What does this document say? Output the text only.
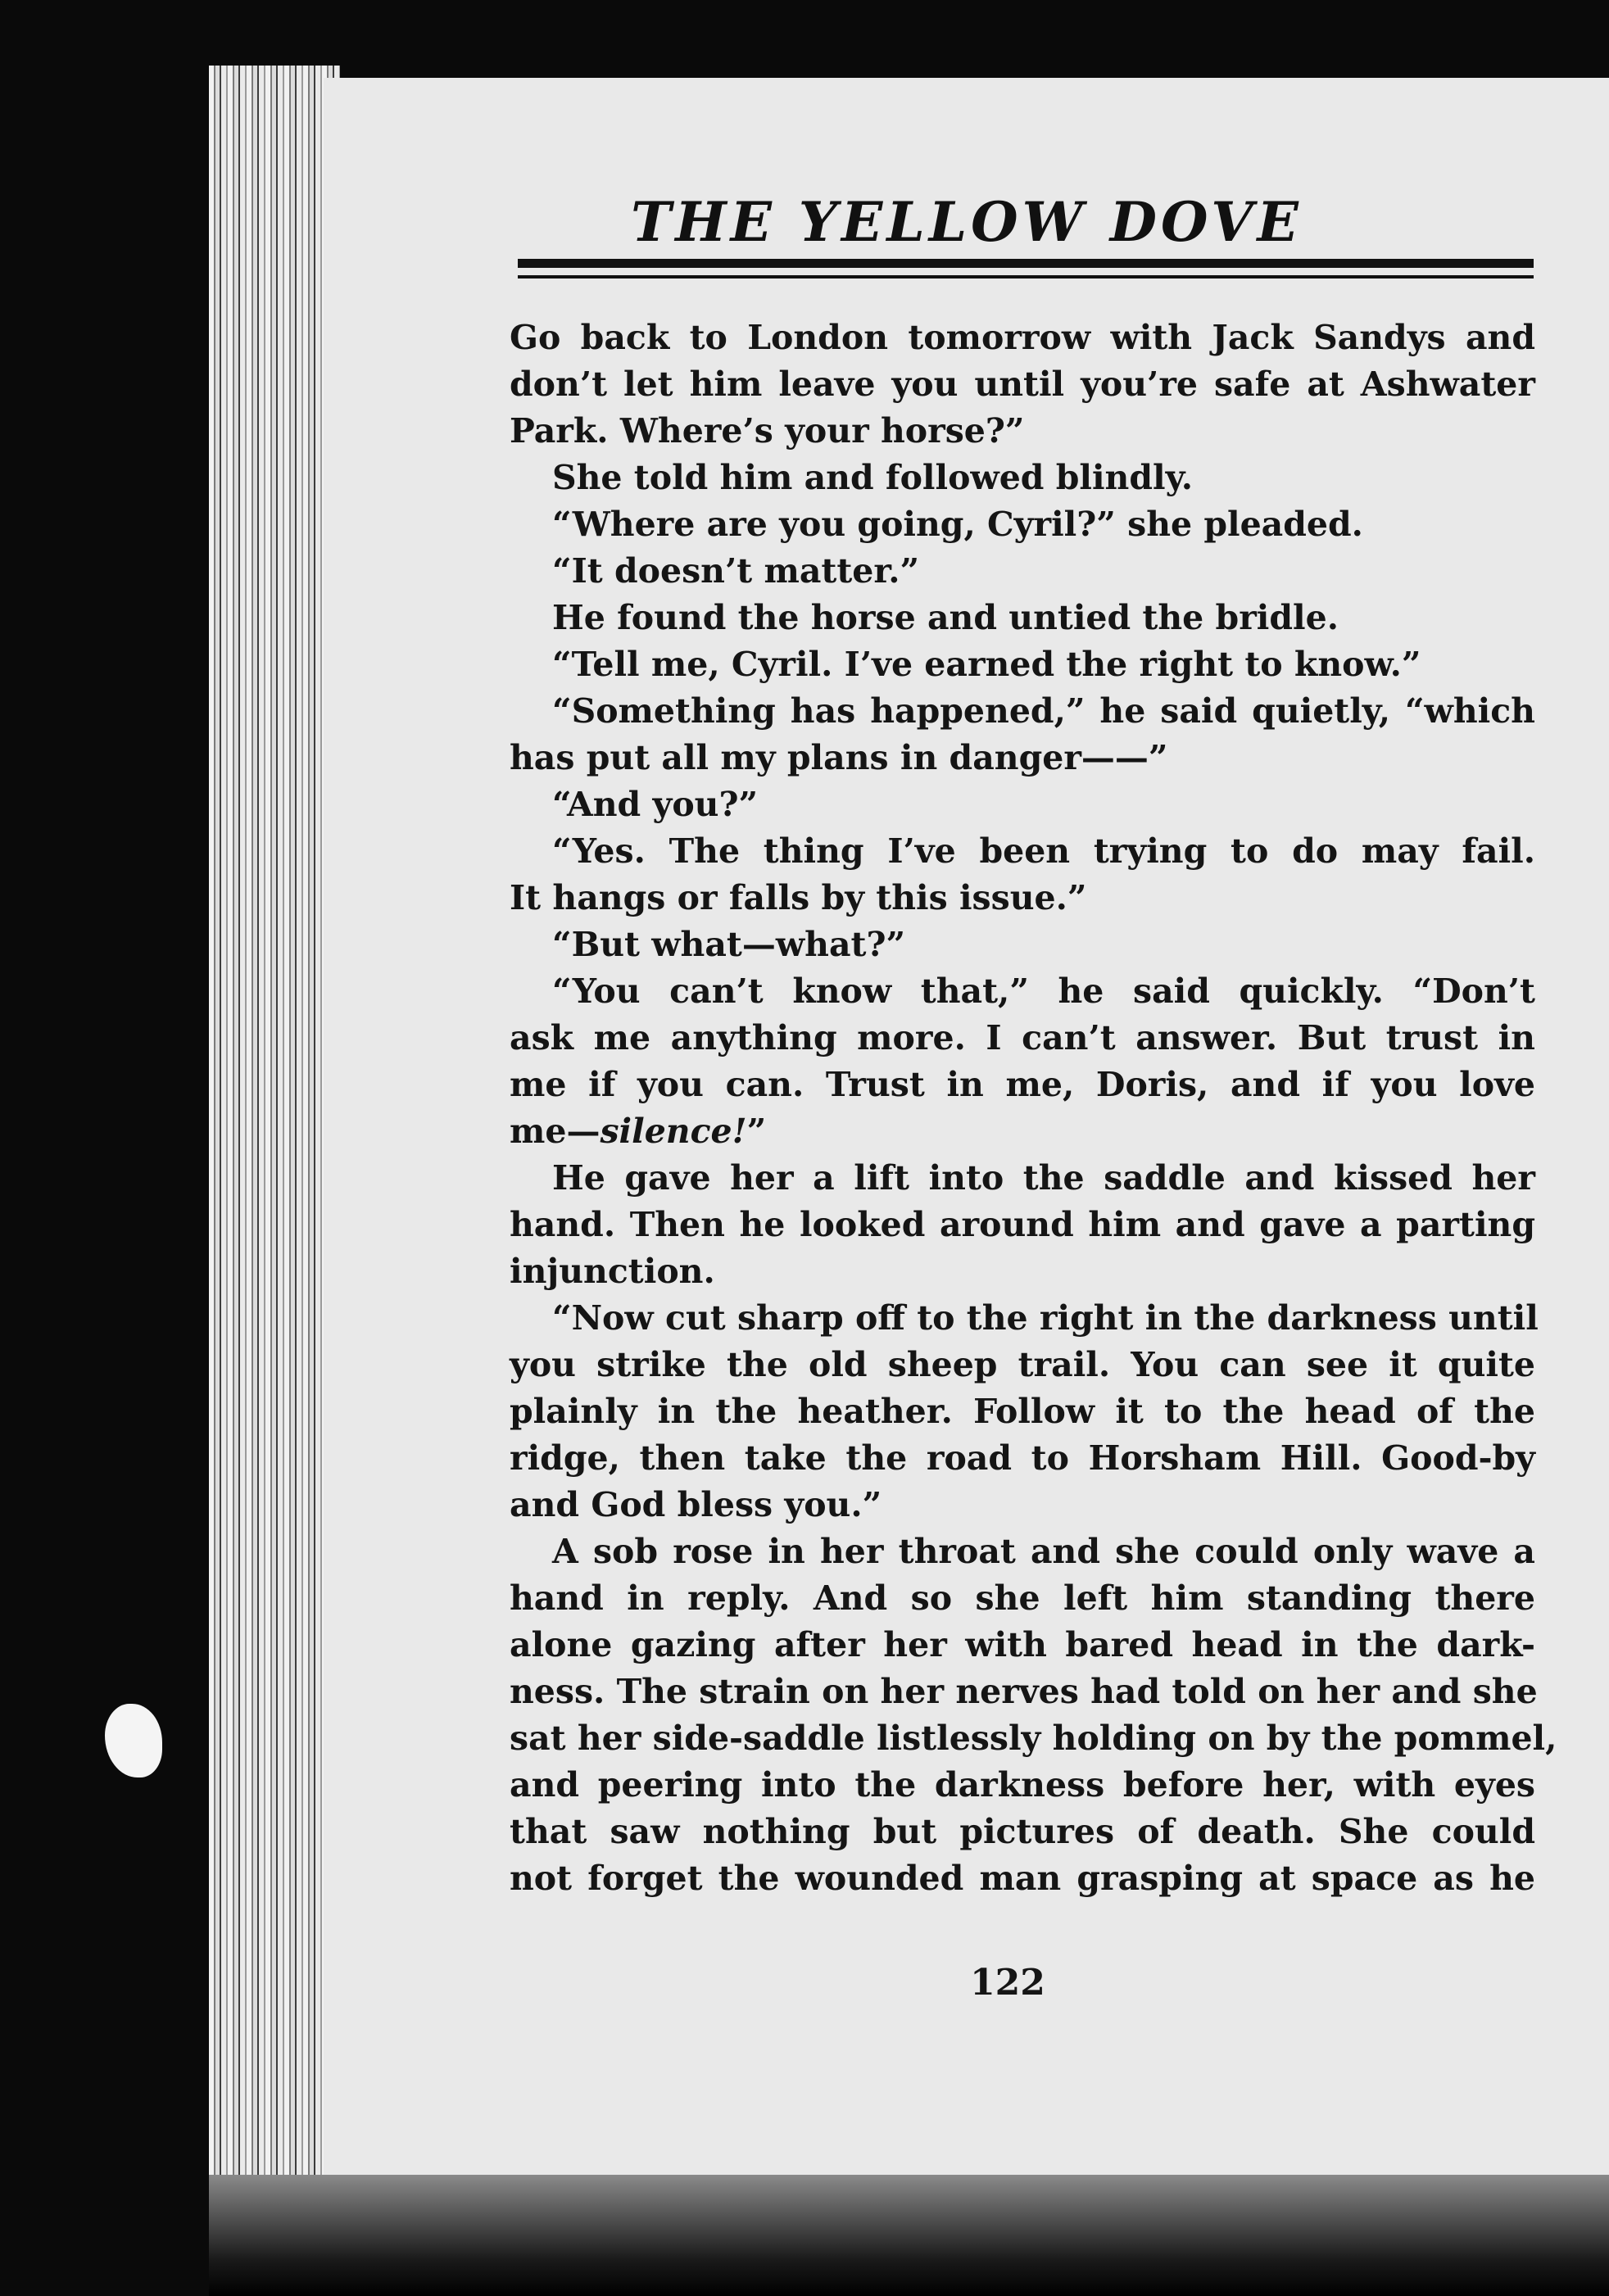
THE YELLOW DOVE
Go back to London tomorrow with Jack Sandys and
don’t let him leave you until you’re safe at Ashwater
Park. Where’s your horse?”
She told him and followed blindly.
“Where are you going, Cyril?” she pleaded.
“It doesn’t matter.”
He found the horse and untied the bridle.
“Tell me, Cyril. I’ve earned the right to know.”
“Something has happened,” he said quietly, “which
has put all my plans in danger——”
“And you?”
“Yes. The thing I’ve been trying to do may fail.
It hangs or falls by this issue.”
“But what—what?”
“You can’t know that,” he said quickly. “Don’t
ask me anything more. I can’t answer. But trust in
me if you can. Trust in me, Doris, and if you love
me—silence!”
He gave her a lift into the saddle and kissed her
hand. Then he looked around him and gave a parting
injunction.
“Now cut sharp off to the right in the darkness until
you strike the old sheep trail. You can see it quite
plainly in the heather. Follow it to the head of the
ridge, then take the road to Horsham Hill. Good-by
and God bless you.”
A sob rose in her throat and she could only wave a
hand in reply. And so she left him standing there
alone gazing after her with bared head in the dark-
ness. The strain on her nerves had told on her and she
sat her side-saddle listlessly holding on by the pommel,
and peering into the darkness before her, with eyes
that saw nothing but pictures of death. She could
not forget the wounded man grasping at space as he
122
